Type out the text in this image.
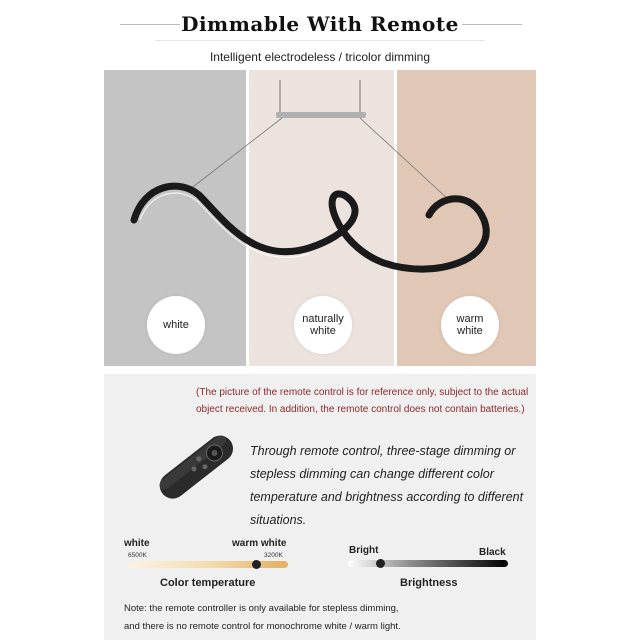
Dimmable With Remote
Intelligent electrodeless / tricolor dimming
white	naturally
white
warm
white
(The picture of the remote control is for reference only, subject to the actual object received. In addition, the remote control does not contain batteries.)
Through remote control, three-stage dimming or stepless dimming can change different color temperature and brightness according to different situations.
white	warm white
6500K	3200K
Color temperature
Bright	Black
Brightness
Note: the remote controller is only available for stepless dimming,
and there is no remote control for monochrome white / warm light.
